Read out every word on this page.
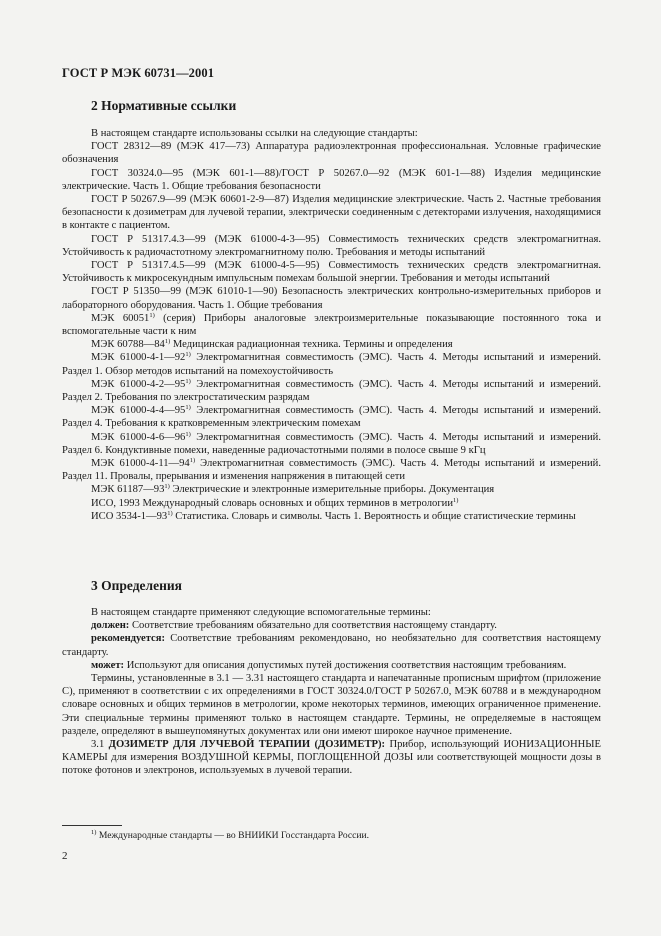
ГОСТ Р МЭК 60731—2001
2 Нормативные ссылки

В настоящем стандарте использованы ссылки на следующие стандарты:

ГОСТ 28312—89 (МЭК 417—73) Аппаратура радиоэлектронная профессиональная. Условные графические обозначения

ГОСТ 30324.0—95 (МЭК 601-1—88)/ГОСТ Р 50267.0—92 (МЭК 601-1—88) Изделия медицинские электрические. Часть 1. Общие требования безопасности

ГОСТ Р 50267.9—99 (МЭК 60601-2-9—87) Изделия медицинские электрические. Часть 2. Частные требования безопасности к дозиметрам для лучевой терапии, электрически соединенным с детекторами излучения, находящимися в контакте с пациентом.

ГОСТ Р 51317.4.3—99 (МЭК 61000-4-3—95) Совместимость технических средств электромагнитная. Устойчивость к радиочастотному электромагнитному полю. Требования и методы испытаний

ГОСТ Р 51317.4.5—99 (МЭК 61000-4-5—95) Совместимость технических средств электромагнитная. Устойчивость к микросекундным импульсным помехам большой энергии. Требования и методы испытаний

ГОСТ Р 51350—99 (МЭК 61010-1—90) Безопасность электрических контрольно-измерительных приборов и лабораторного оборудования. Часть 1. Общие требования

МЭК 60051$^{1)}$ (серия) Приборы аналоговые электроизмерительные показывающие постоянного тока и вспомогательные части к ним

МЭК 60788—84$^{1)}$ Медицинская радиационная техника. Термины и определения

МЭК 61000-4-1—92$^{1)}$ Электромагнитная совместимость (ЭМС). Часть 4. Методы испытаний и измерений. Раздел 1. Обзор методов испытаний на помехоустойчивость

МЭК 61000-4-2—95$^{1)}$ Электромагнитная совместимость (ЭМС). Часть 4. Методы испытаний и измерений. Раздел 2. Требования по электростатическим разрядам

МЭК 61000-4-4—95$^{1)}$ Электромагнитная совместимость (ЭМС). Часть 4. Методы испытаний и измерений. Раздел 4. Требования к кратковременным электрическим помехам

МЭК 61000-4-6—96$^{1)}$ Электромагнитная совместимость (ЭМС). Часть 4. Методы испытаний и измерений. Раздел 6. Кондуктивные помехи, наведенные радиочастотными полями в полосе свыше 9 кГц

МЭК 61000-4-11—94$^{1)}$ Электромагнитная совместимость (ЭМС). Часть 4. Методы испытаний и измерений. Раздел 11. Провалы, прерывания и изменения напряжения в питающей сети

МЭК 61187—93$^{1)}$ Электрические и электронные измерительные приборы. Документация

ИСО, 1993 Международный словарь основных и общих терминов в метрологии$^{1)}$

ИСО 3534-1—93$^{1)}$ Статистика. Словарь и символы. Часть 1. Вероятность и общие статистические термины

3 Определения

В настоящем стандарте применяют следующие вспомогательные термины:

должен: Соответствие требованиям обязательно для соответствия настоящему стандарту.

рекомендуется: Соответствие требованиям рекомендовано, но необязательно для соответствия настоящему стандарту.

может: Используют для описания допустимых путей достижения соответствия настоящим требованиям.

Термины, установленные в 3.1 — 3.31 настоящего стандарта и напечатанные прописным шрифтом (приложение С), применяют в соответствии с их определениями в ГОСТ 30324.0/ГОСТ Р 50267.0, МЭК 60788 и в международном словаре основных и общих терминов в метрологии, кроме некоторых терминов, имеющих ограниченное применение. Эти специальные термины применяют только в настоящем стандарте. Термины, не определяемые в настоящем разделе, определяют в вышеупомянутых документах или они имеют широкое научное применение.

3.1 ДОЗИМЕТР ДЛЯ ЛУЧЕВОЙ ТЕРАПИИ (ДОЗИМЕТР): Прибор, использующий ИОНИЗАЦИОННЫЕ КАМЕРЫ для измерения ВОЗДУШНОЙ КЕРМЫ, ПОГЛОЩЕННОЙ ДОЗЫ или соответствующей мощности дозы в потоке фотонов и электронов, используемых в лучевой терапии.

$^{1)}$ Международные стандарты — во ВНИИКИ Госстандарта России.
2
